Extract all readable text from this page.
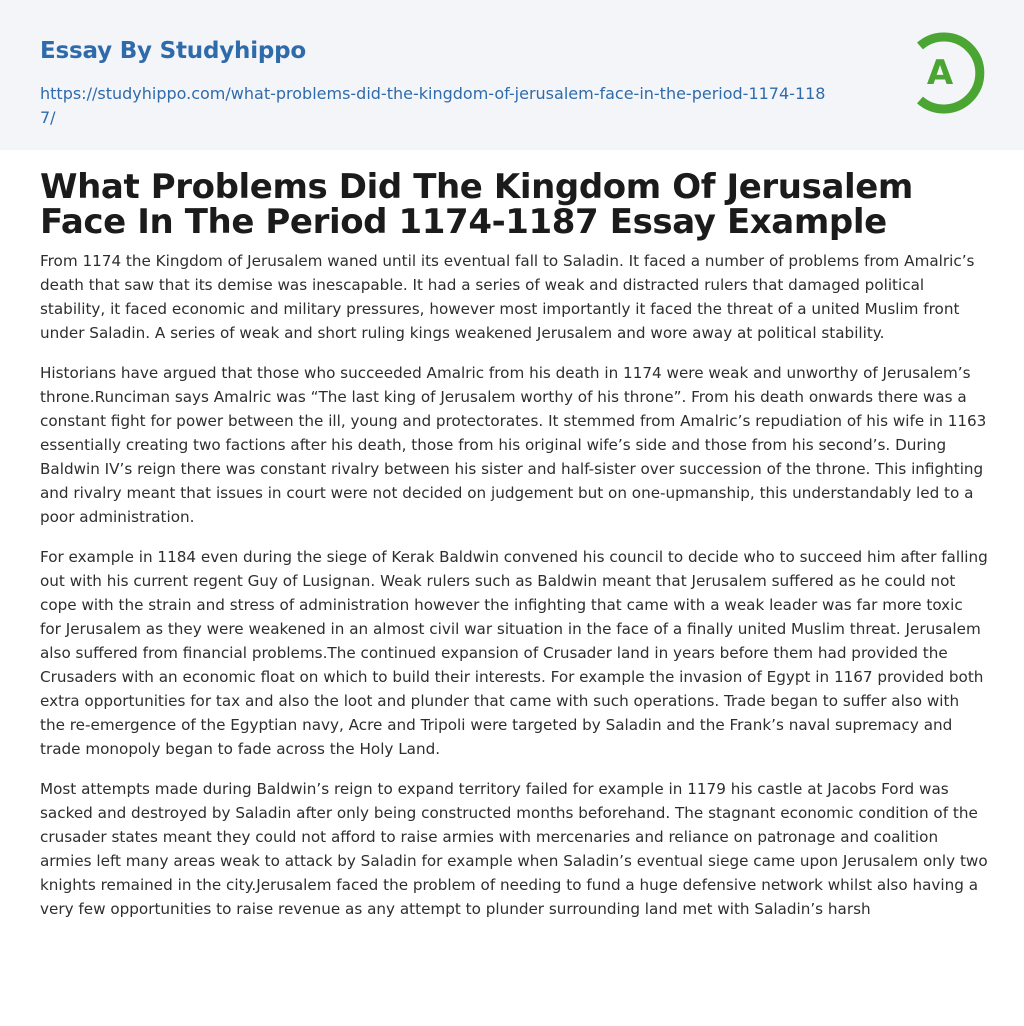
Essay By Studyhippo
https://studyhippo.com/what-problems-did-the-kingdom-of-jerusalem-face-in-the-period-1174-1187/
A
What Problems Did The Kingdom Of Jerusalem Face In The Period 1174-1187 Essay Example

From 1174 the Kingdom of Jerusalem waned until its eventual fall to Saladin. It faced a number of problems from Amalric’s death that saw that its demise was inescapable. It had a series of weak and distracted rulers that damaged political stability, it faced economic and military pressures, however most importantly it faced the threat of a united Muslim front under Saladin. A series of weak and short ruling kings weakened Jerusalem and wore away at political stability.

Historians have argued that those who succeeded Amalric from his death in 1174 were weak and unworthy of Jerusalem’s throne.Runciman says Amalric was “The last king of Jerusalem worthy of his throne”. From his death onwards there was a constant fight for power between the ill, young and protectorates. It stemmed from Amalric’s repudiation of his wife in 1163 essentially creating two factions after his death, those from his original wife’s side and those from his second’s. During Baldwin IV’s reign there was constant rivalry between his sister and half-sister over succession of the throne. This infighting and rivalry meant that issues in court were not decided on judgement but on one-upmanship, this understandably led to a poor administration.

For example in 1184 even during the siege of Kerak Baldwin convened his council to decide who to succeed him after falling out with his current regent Guy of Lusignan. Weak rulers such as Baldwin meant that Jerusalem suffered as he could not cope with the strain and stress of administration however the infighting that came with a weak leader was far more toxic for Jerusalem as they were weakened in an almost civil war situation in the face of a finally united Muslim threat. Jerusalem also suffered from financial problems.The continued expansion of Crusader land in years before them had provided the Crusaders with an economic float on which to build their interests. For example the invasion of Egypt in 1167 provided both extra opportunities for tax and also the loot and plunder that came with such operations. Trade began to suffer also with the re-emergence of the Egyptian navy, Acre and Tripoli were targeted by Saladin and the Frank’s naval supremacy and trade monopoly began to fade across the Holy Land.

Most attempts made during Baldwin’s reign to expand territory failed for example in 1179 his castle at Jacobs Ford was sacked and destroyed by Saladin after only being constructed months beforehand. The stagnant economic condition of the crusader states meant they could not afford to raise armies with mercenaries and reliance on patronage and coalition armies left many areas weak to attack by Saladin for example when Saladin’s eventual siege came upon Jerusalem only two knights remained in the city.Jerusalem faced the problem of needing to fund a huge defensive network whilst also having a very few opportunities to raise revenue as any attempt to plunder surrounding land met with Saladin’s harsh
